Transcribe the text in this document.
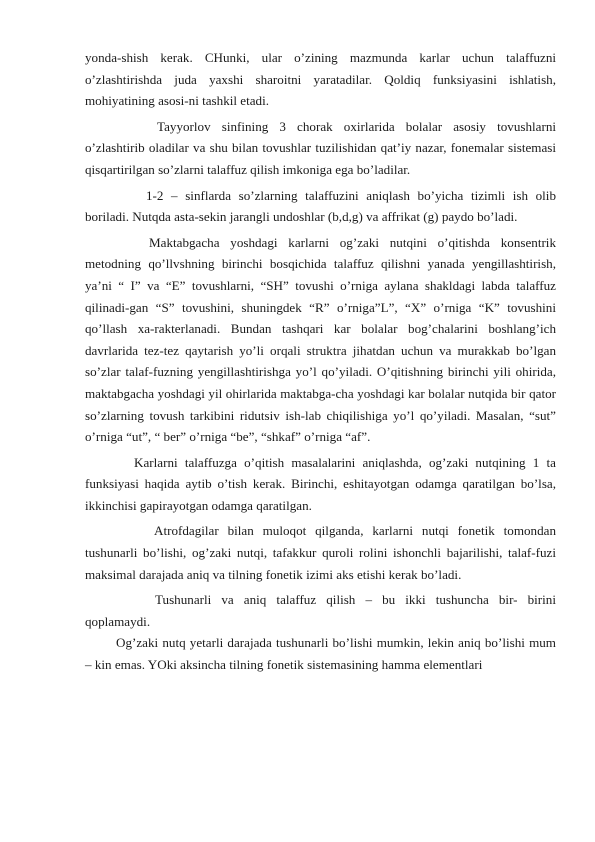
yonda-shish kerak. CHunki, ular o’zining mazmunda karlar uchun talaffuzni o’zlashtirishda juda yaxshi sharoitni yaratadilar. Qoldiq funksiyasini ishlatish, mohiyatining asosi-ni tashkil etadi.

Tayyorlov sinfining 3 chorak oxirlarida bolalar asosiy tovushlarni o’zlashtirib oladilar va shu bilan tovushlar tuzilishidan qat’iy nazar, fonemalar sistemasi qisqartirilgan so’zlarni talaffuz qilish imkoniga ega bo’ladilar.

1-2 – sinflarda so’zlarning talaffuzini aniqlash bo’yicha tizimli ish olib boriladi. Nutqda asta-sekin jarangli undoshlar (b,d,g) va affrikat (g) paydo bo’ladi.

Maktabgacha yoshdagi karlarni og’zaki nutqini o’qitishda konsentrik metodning qo’llvshning birinchi bosqichida talaffuz qilishni yanada yengillashtirish, ya’ni “ I” va “E” tovushlarni, “SH” tovushi o’rniga aylana shakldagi labda talaffuz qilinadi-gan “S” tovushini, shuningdek “R” o’rniga”L”, “X” o’rniga “K” tovushini qo’llash xa-rakterlanadi. Bundan tashqari kar bolalar bog’chalarini boshlang’ich davrlarida tez-tez qaytarish yo’li orqali struktra jihatdan uchun va murakkab bo’lgan so’zlar talaf-fuzning yengillashtirishga yo’l qo’yiladi. O’qitishning birinchi yili ohirida, maktabgacha yoshdagi yil ohirlarida maktabga-cha yoshdagi kar bolalar nutqida bir qator so’zlarning tovush tarkibini ridutsiv ish-lab chiqilishiga yo’l qo’yiladi. Masalan, “sut” o’rniga “ut”, “ ber” o’rniga “be”, “shkaf” o’rniga “af”.

Karlarni talaffuzga o’qitish masalalarini aniqlashda, og’zaki nutqining 1 ta funksiyasi haqida aytib o’tish kerak. Birinchi, eshitayotgan odamga qaratilgan bo’lsa, ikkinchisi gapirayotgan odamga qaratilgan.

Atrofdagilar bilan muloqot qilganda, karlarni nutqi fonetik tomondan tushunarli bo’lishi, og’zaki nutqi, tafakkur quroli rolini ishonchli bajarilishi, talaf-fuzi maksimal darajada aniq va tilning fonetik izimi aks etishi kerak bo’ladi.

Tushunarli va aniq talaffuz qilish – bu ikki tushuncha bir- birini qoplamaydi.

Og’zaki nutq yetarli darajada tushunarli bo’lishi mumkin, lekin aniq bo’lishi mum – kin emas. YOki aksincha tilning fonetik sistemasining hamma elementlari
